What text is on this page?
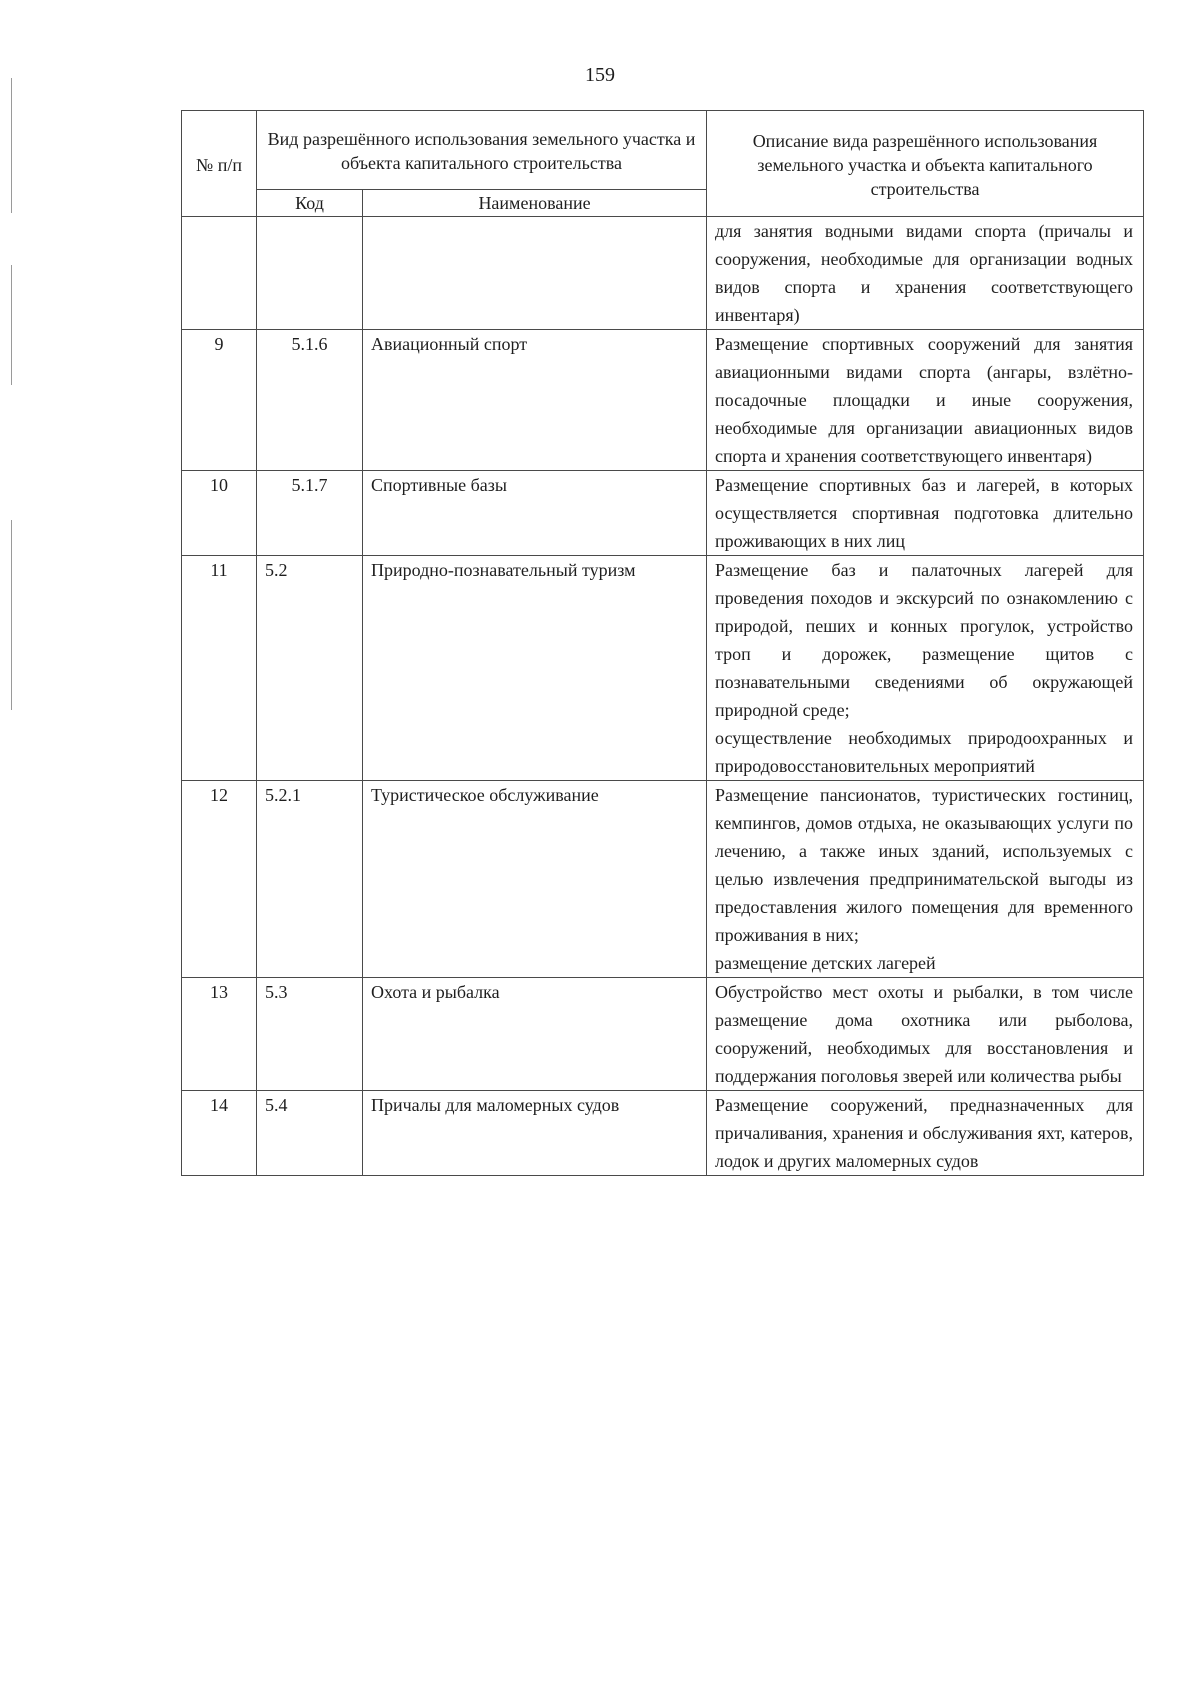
159
№ п/п	Вид разрешённого использования земельного участка и объекта капитального строительства		Описание вида разрешённого использования земельного участка и объекта капитального строительства
	Код	Наименование	
			для занятия водными видами спорта (причалы и сооружения, необходимые для организации водных видов спорта и хранения соответствующего инвентаря)
9	5.1.6	Авиационный спорт	Размещение спортивных сооружений для занятия авиационными видами спорта (ангары, взлётно-посадочные площадки и иные сооружения, необходимые для организации авиационных видов спорта и хранения соответствующего инвентаря)
10	5.1.7	Спортивные базы	Размещение спортивных баз и лагерей, в которых осуществляется спортивная подготовка длительно проживающих в них лиц
11	5.2	Природно-познавательный туризм	Размещение баз и палаточных лагерей для проведения походов и экскурсий по ознакомлению с природой, пеших и конных прогулок, устройство троп и дорожек, размещение щитов с познавательными сведениями об окружающей природной среде;
осуществление необходимых природоохранных и природовосстановительных мероприятий

12	5.2.1	Туристическое обслуживание	Размещение пансионатов, туристических гостиниц, кемпингов, домов отдыха, не оказывающих услуги по лечению, а также иных зданий, используемых с целью извлечения предпринимательской выгоды из предоставления жилого помещения для временного проживания в них;
размещение детских лагерей

13	5.3	Охота и рыбалка	Обустройство мест охоты и рыбалки, в том числе размещение дома охотника или рыболова, сооружений, необходимых для восстановления и поддержания поголовья зверей или количества рыбы
14	5.4	Причалы для маломерных судов	Размещение сооружений, предназначенных для причаливания, хранения и обслуживания яхт, катеров, лодок и других маломерных судов
